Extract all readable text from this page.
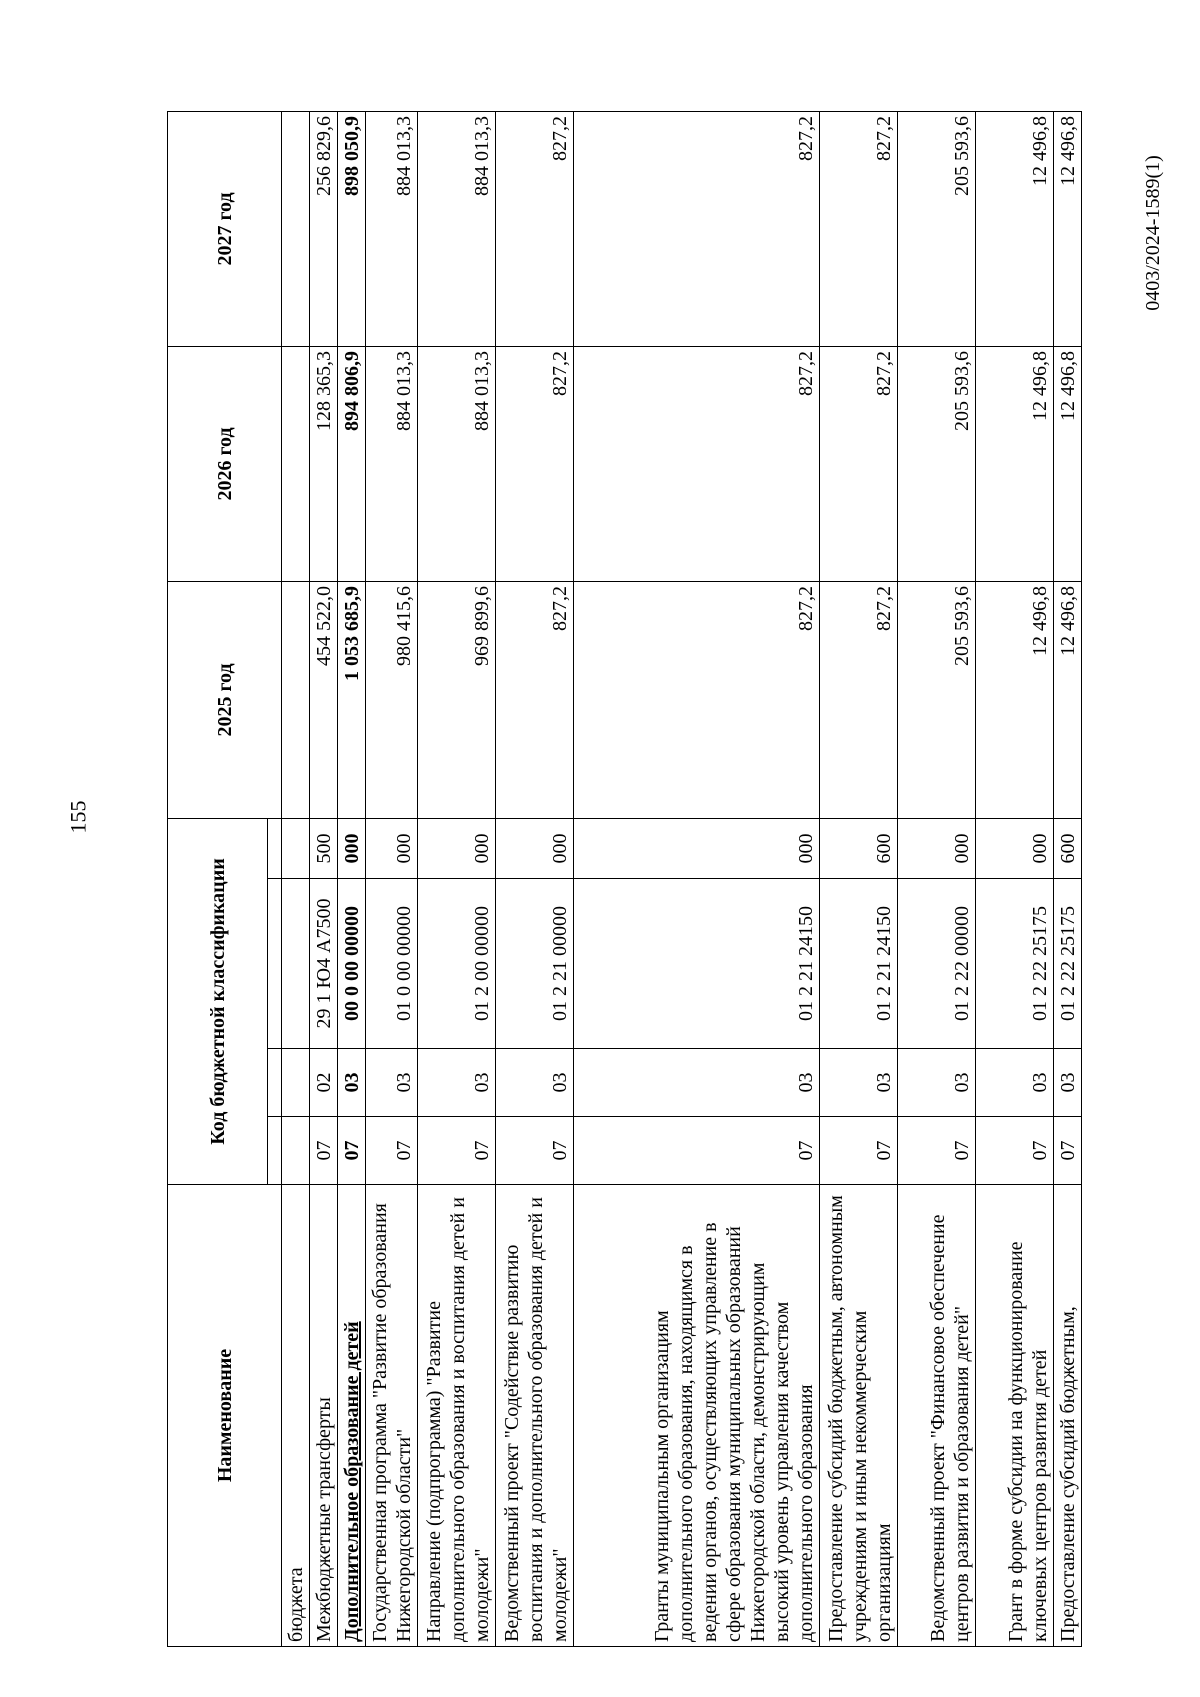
155
0403/2024-1589(1)
Наименование	Код бюджетной классификации				2025 год	2026 год	2027 год

бюджета							
Межбюджетные трансферты	07	02	29 1 Ю4 А7500	500	454 522,0	128 365,3	256 829,6
Дополнительное образование детей	07	03	00 0 00 00000	000	1 053 685,9	894 806,9	898 050,9
Государственная программа "Развитие образования Нижегородской области"	07	03	01 0 00 00000	000	980 415,6	884 013,3	884 013,3
Направление (подпрограмма) "Развитие дополнительного образования и воспитания детей и молодежи"	07	03	01 2 00 00000	000	969 899,6	884 013,3	884 013,3
Ведомственный проект "Содействие развитию воспитания и дополнительного образования детей и молодежи"	07	03	01 2 21 00000	000	827,2	827,2	827,2
Гранты муниципальным организациям дополнительного образования, находящимся в ведении органов, осуществляющих управление в сфере образования муниципальных образований Нижегородской области, демонстрирующим высокий уровень управления качеством дополнительного образования	07	03	01 2 21 24150	000	827,2	827,2	827,2
Предоставление субсидий бюджетным, автономным учреждениям и иным некоммерческим организациям	07	03	01 2 21 24150	600	827,2	827,2	827,2
Ведомственный проект "Финансовое обеспечение центров развития и образования детей"	07	03	01 2 22 00000	000	205 593,6	205 593,6	205 593,6
Грант в форме субсидии на функционирование ключевых центров развития детей	07	03	01 2 22 25175	000	12 496,8	12 496,8	12 496,8
Предоставление субсидий бюджетным,	07	03	01 2 22 25175	600	12 496,8	12 496,8	12 496,8
